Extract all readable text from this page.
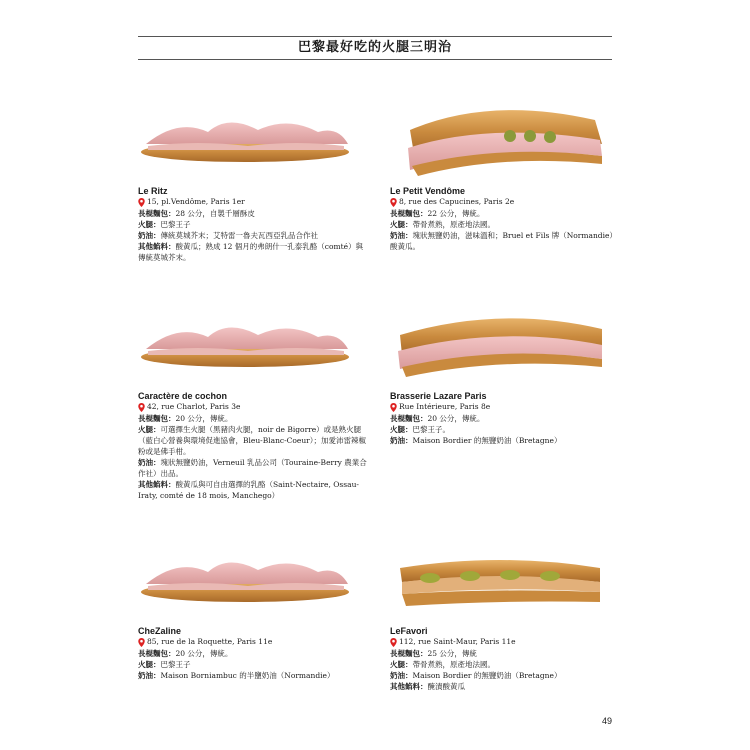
巴黎最好吃的火腿三明治
Le Ritz
15, pl.Vendôme, Paris 1er
長棍麵包：28 公分，自製千層酥皮
火腿：巴黎王子
奶油：傳統莫城芥末；艾特雷一魯夫瓦西亞乳品合作社
其他餡料：酸黃瓜；熟成 12 個月的弗朗什一孔泰乳酪（comté）與傳統莫城芥末。
Le Petit Vendôme
8, rue des Capucines, Paris 2e
長棍麵包：22 公分，傳統。
火腿：帶骨煮熟，原產地法國。
奶油：塊狀無鹽奶油，滋味溫和；Bruel et Fils 牌（Normandie）
酸黃瓜。
Caractère de cochon
42, rue Charlot, Paris 3e
長棍麵包：20 公分，傳統。
火腿：可選擇生火腿（黑豬肉火腿，noir de Bigorre）或是熟火腿（藍白心營養與環境促進協會，Bleu-Blanc-Coeur）；加愛沛雷辣椒粉或是佛手柑。
奶油：塊狀無鹽奶油，Verneuil 乳品公司（Touraine-Berry 農業合作社）出品。
其他餡料：酸黃瓜與可自由選擇的乳酪（Saint-Nectaire, Ossau-Iraty, comté de 18 mois, Manchego）
Brasserie Lazare Paris
Rue Intérieure, Paris 8e
長棍麵包：20 公分，傳統。
火腿：巴黎王子。
奶油：Maison Bordier 的無鹽奶油（Bretagne）
CheZaline
85, rue de la Roquette, Paris 11e
長棍麵包：20 公分，傳統。
火腿：巴黎王子
奶油：Maison Borniambuc 的半鹽奶油（Normandie）
LeFavori
112, rue Saint-Maur, Paris 11e
長棍麵包：25 公分，傳統
火腿：帶骨煮熟，原產地法國。
奶油：Maison Bordier 的無鹽奶油（Bretagne）
其他餡料：醃漬酸黃瓜
49
